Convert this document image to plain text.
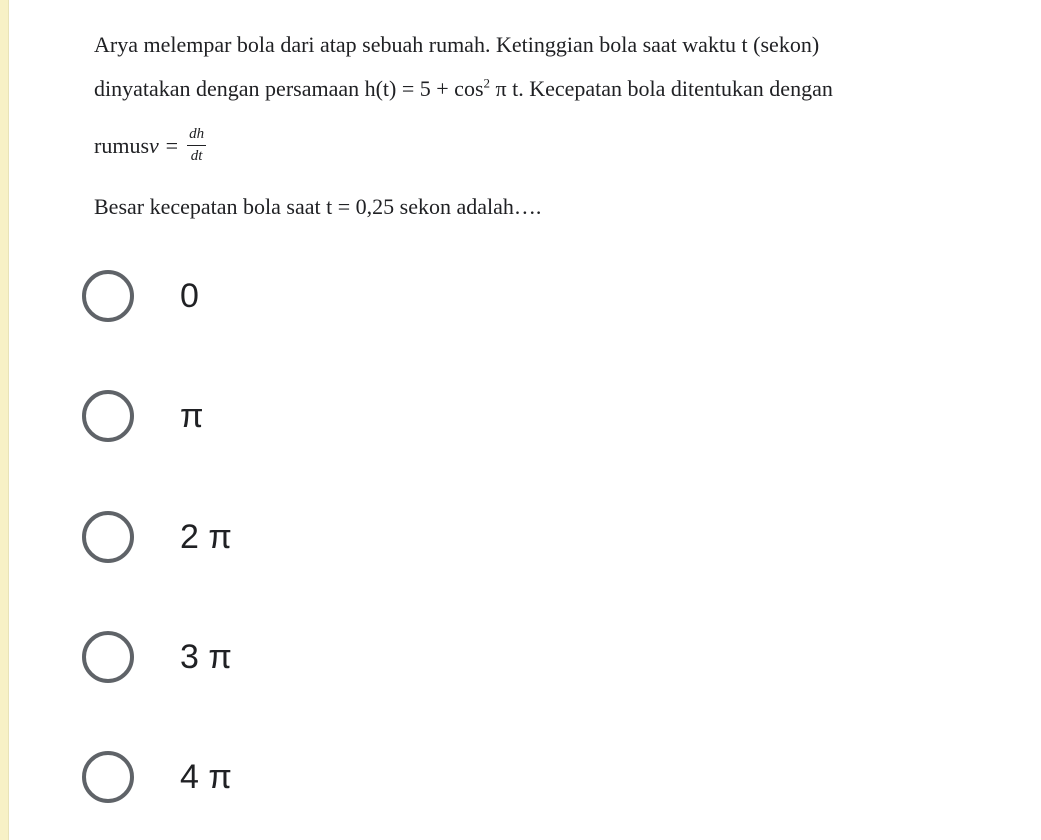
Arya melempar bola dari atap sebuah rumah. Ketinggian bola saat waktu t (sekon)
dinyatakan dengan persamaan $h(t) = 5 + \cos^2 \pi$ t. Kecepatan bola ditentukan dengan
rumus $v = \frac{dh}{dt}$
Besar kecepatan bola saat t = 0,25 sekon adalah….
0
π
2 π
3 π
4 π
